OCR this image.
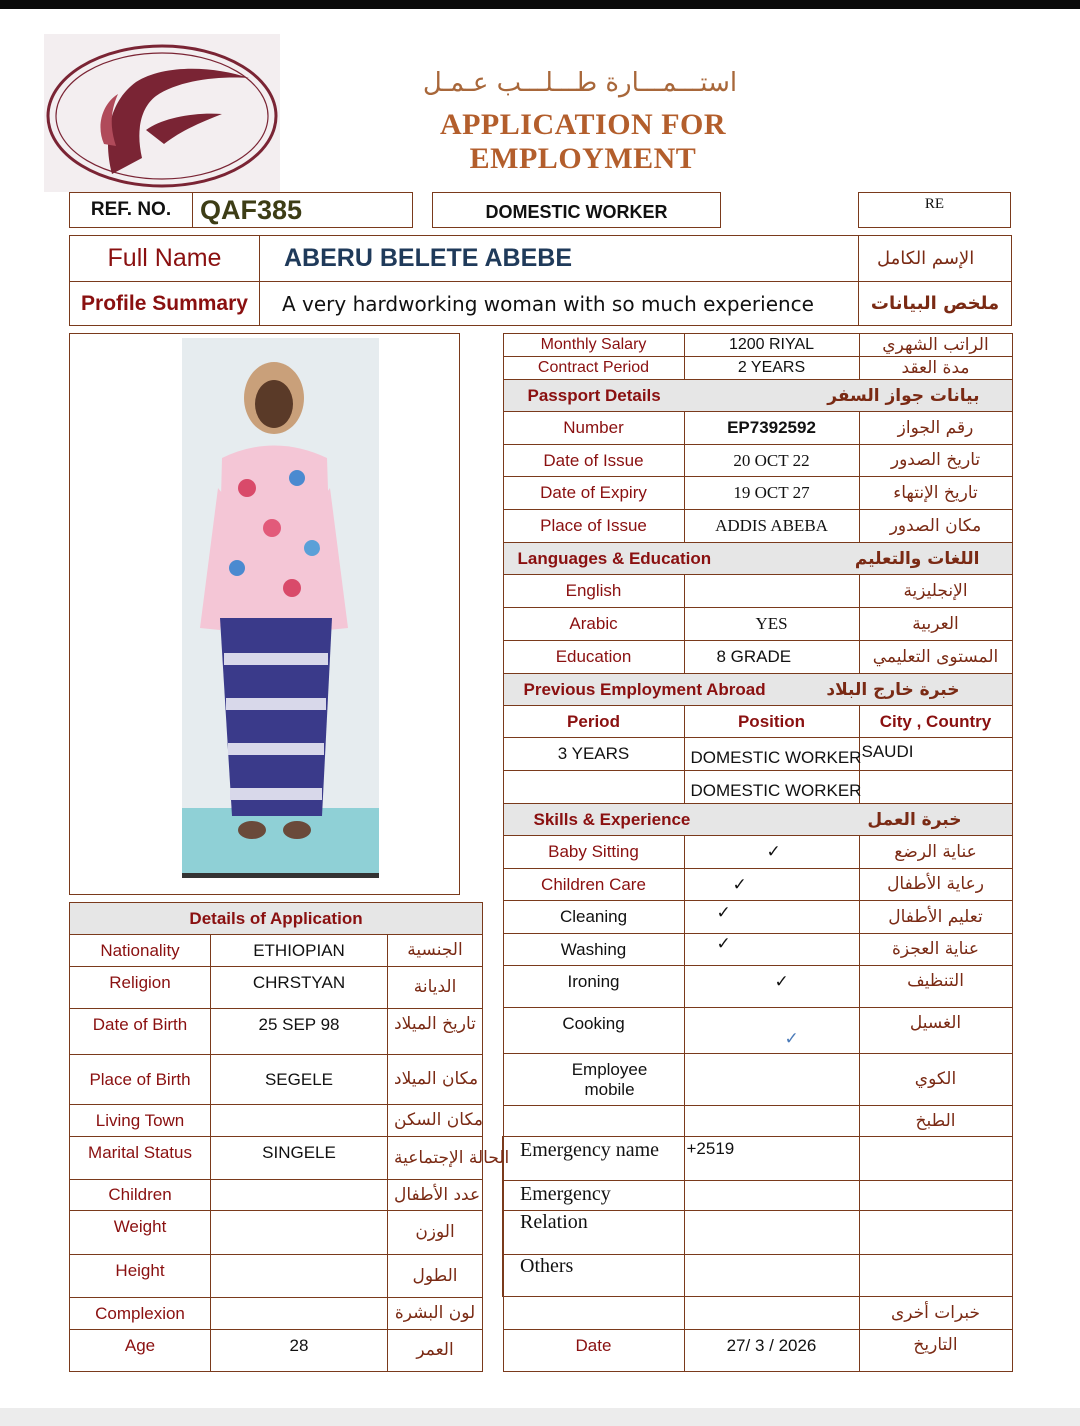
استـــمـــارة طـــلـــب عـمـل
APPLICATION FOR EMPLOYMENT
REF. NO.	QAF385	DOMESTIC WORKER	RE
Full Name	ABERU BELETE ABEBE	الإسم الكامل
Profile Summary	A very hardworking woman with so much experience	ملخص البيانات
Monthly Salary	1200 RIYAL	الراتب الشهري
Contract Period	2 YEARS	مدة العقد

Passport Details بيانات جواز السفر		

Number	EP7392592	رقم الجواز
Date of Issue	20 OCT 22	تاريخ الصدور
Date of Expiry	19 OCT 27	تاريخ الإنتهاء
Place of Issue	ADDIS ABEBA	مكان الصدور

Languages & Education اللغات والتعليم		

English		الإنجليزية
Arabic	YES	العربية
Education	8 GRADE	المستوى التعليمي

Previous Employment Abroad خبرة خارج البلاد		

Period	Position	City , Country
3 YEARS	DOMESTIC WORKER	SAUDI
	DOMESTIC WORKER	

Skills & Experience خبرة العمل		

Baby Sitting	✓	عناية الرضع
Children Care	✓	رعاية الأطفال
Cleaning	✓	تعليم الأطفال
Washing	✓	عناية العجزة
Ironing	✓	التنظيف
Cooking	✓	الغسيل
Employee mobile		الكوي
		الطبخ
Emergency name	+2519	
Emergency		
Relation		
Others		
		خبرات أخرى
Date	27/ 3 / 2026	التاريخ
Details of Application		
Nationality	ETHIOPIAN	الجنسية
Religion	CHRSTYAN	الديانة
Date of Birth	25 SEP 98	تاريخ الميلاد
Place of Birth	SEGELE	مكان الميلاد
Living Town		مكان السكن
Marital Status	SINGELE	الحالة الإجتماعية
Children		عدد الأطفال
Weight		الوزن
Height		الطول
Complexion		لون البشرة
Age	28	العمر
